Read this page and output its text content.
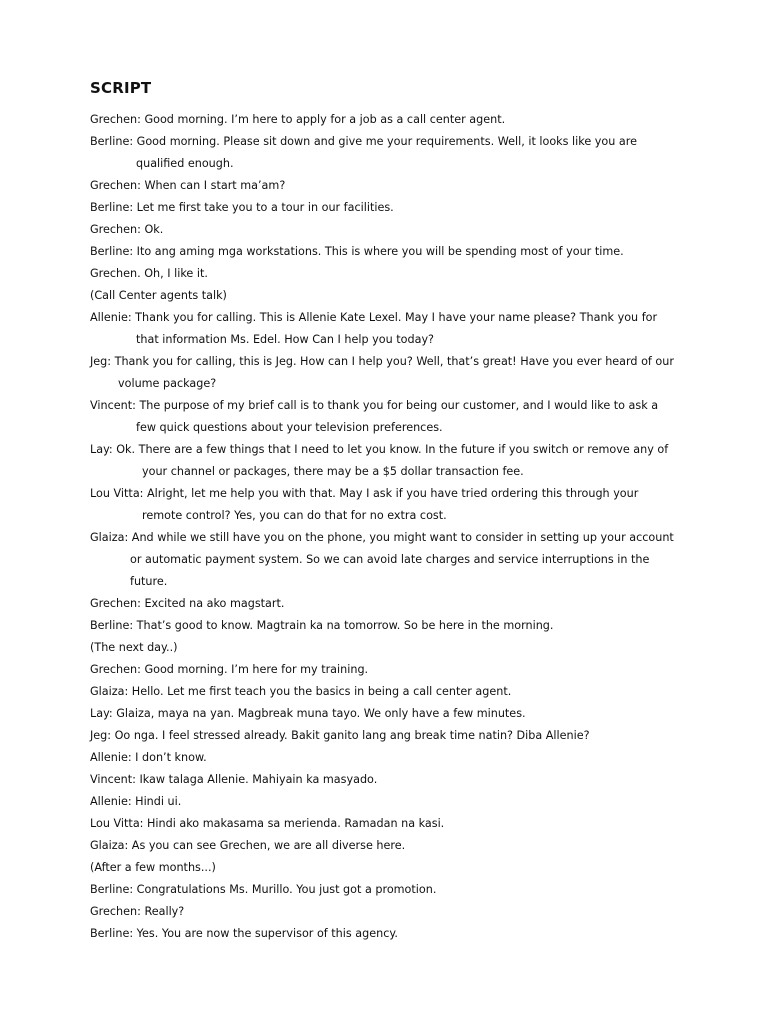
SCRIPT
Grechen: Good morning. I’m here to apply for a job as a call center agent.
Berline: Good morning. Please sit down and give me your requirements. Well, it looks like you are
qualified enough.
Grechen: When can I start ma’am?
Berline: Let me first take you to a tour in our facilities.
Grechen: Ok.
Berline: Ito ang aming mga workstations. This is where you will be spending most of your time.
Grechen. Oh, I like it.
(Call Center agents talk)
Allenie: Thank you for calling. This is Allenie Kate Lexel. May I have your name please? Thank you for
that information Ms. Edel. How Can I help you today?
Jeg: Thank you for calling, this is Jeg. How can I help you? Well, that’s great! Have you ever heard of our
volume package?
Vincent: The purpose of my brief call is to thank you for being our customer, and I would like to ask a
few quick questions about your television preferences.
Lay: Ok. There are a few things that I need to let you know. In the future if you switch or remove any of
your channel or packages, there may be a $5 dollar transaction fee.
Lou Vitta: Alright, let me help you with that. May I ask if you have tried ordering this through your
remote control? Yes, you can do that for no extra cost.
Glaiza: And while we still have you on the phone, you might want to consider in setting up your account
or automatic payment system. So we can avoid late charges and service interruptions in the
future.
Grechen: Excited na ako magstart.
Berline: That’s good to know. Magtrain ka na tomorrow. So be here in the morning.
(The next day..)
Grechen: Good morning. I’m here for my training.
Glaiza: Hello. Let me first teach you the basics in being a call center agent.
Lay: Glaiza, maya na yan. Magbreak muna tayo. We only have a few minutes.
Jeg: Oo nga. I feel stressed already. Bakit ganito lang ang break time natin? Diba Allenie?
Allenie: I don’t know.
Vincent: Ikaw talaga Allenie. Mahiyain ka masyado.
Allenie: Hindi ui.
Lou Vitta: Hindi ako makasama sa merienda. Ramadan na kasi.
Glaiza: As you can see Grechen, we are all diverse here.
(After a few months...)
Berline: Congratulations Ms. Murillo. You just got a promotion.
Grechen: Really?
Berline: Yes. You are now the supervisor of this agency.
